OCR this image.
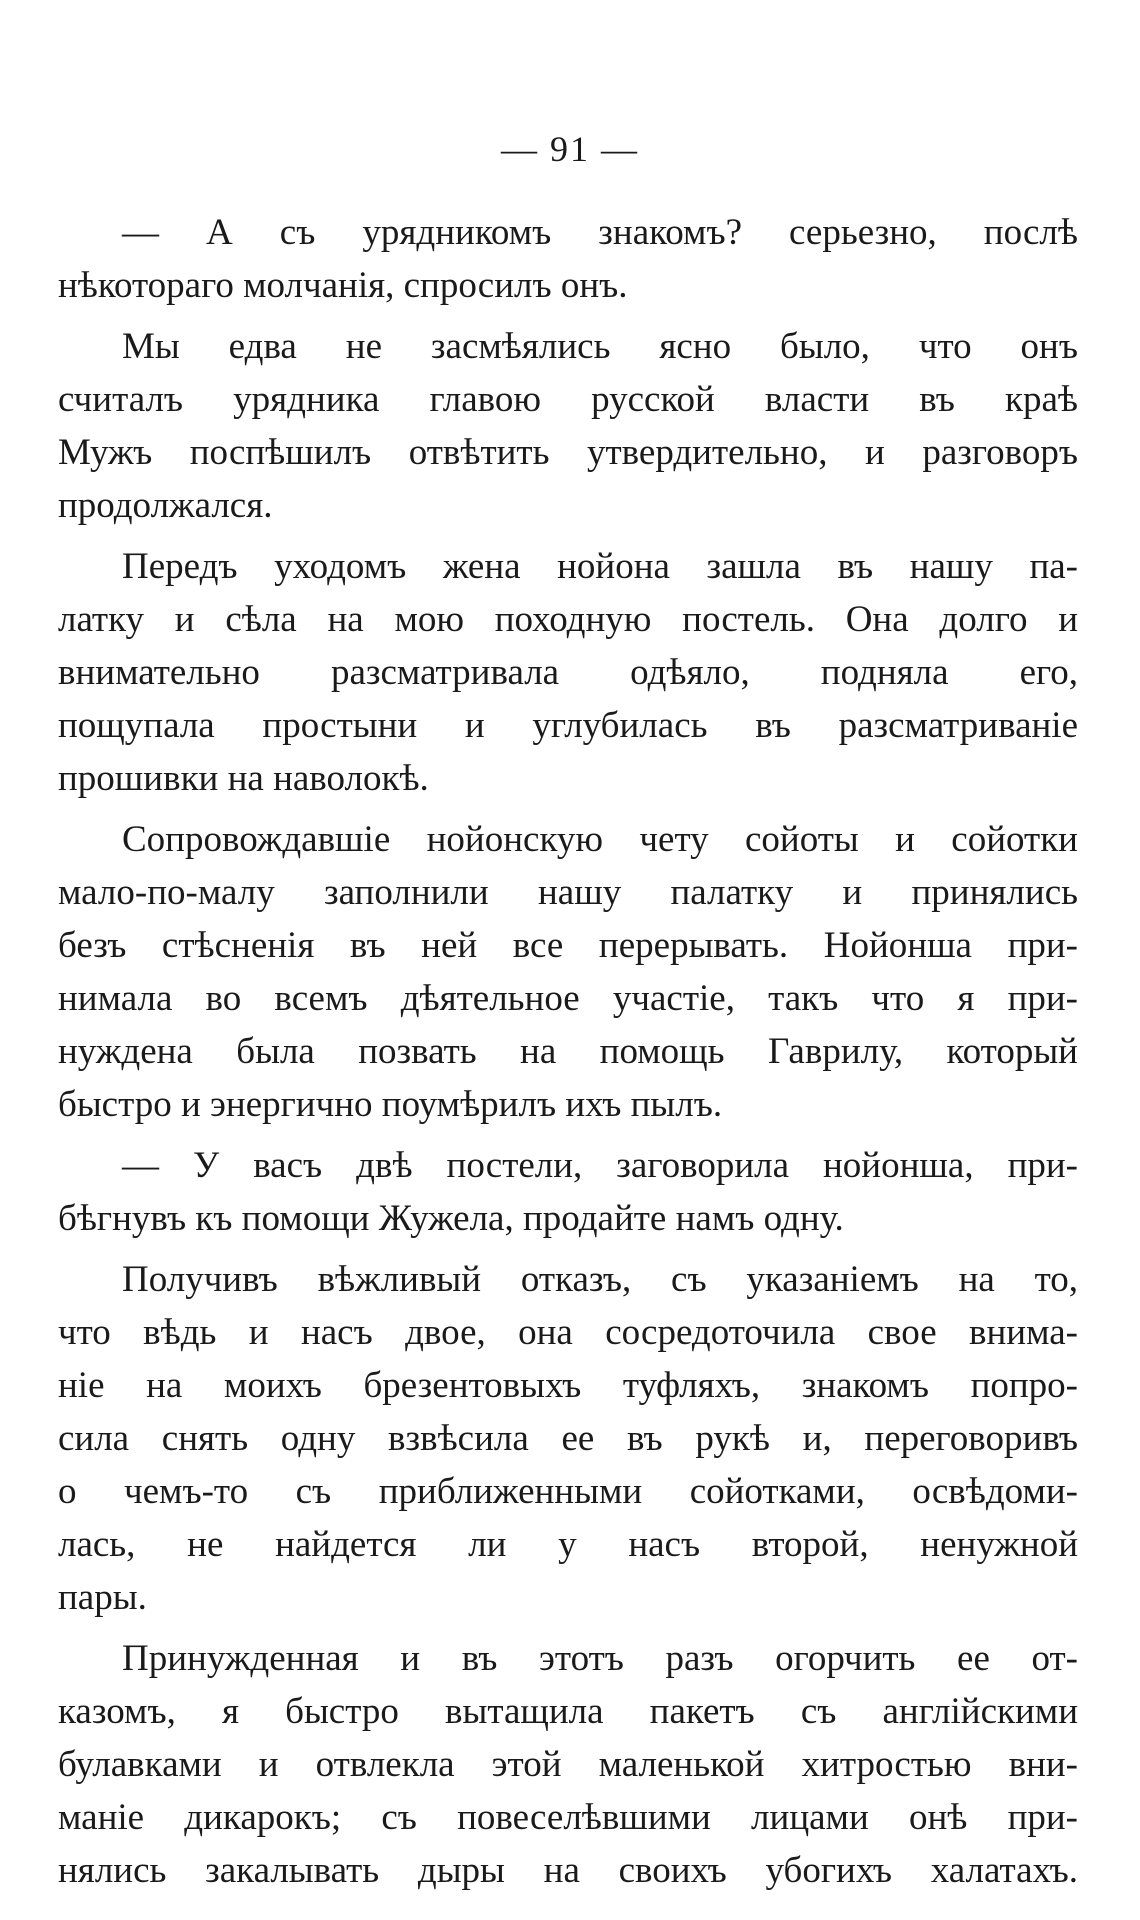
— 91 —
— А съ урядникомъ знакомъ? серьезно, послѣ
нѣкотораго молчанія, спросилъ онъ.
Мы едва не засмѣялись ясно было, что онъ
считалъ урядника главою русской власти въ краѣ
Мужъ поспѣшилъ отвѣтить утвердительно, и разговоръ
продолжался.
Передъ уходомъ жена нойона зашла въ нашу па-
латку и сѣла на мою походную постель. Она долго и
внимательно разсматривала одѣяло, подняла его,
пощупала простыни и углубилась въ разсматриваніе
прошивки на наволокѣ.
Сопровождавшіе нойонскую чету сойоты и сойотки
мало-по-малу заполнили нашу палатку и принялись
безъ стѣсненія въ ней все перерывать. Нойонша при-
нимала во всемъ дѣятельное участіе, такъ что я при-
нуждена была позвать на помощь Гаврилу, который
быстро и энергично поумѣрилъ ихъ пылъ.
— У васъ двѣ постели, заговорила нойонша, при-
бѣгнувъ къ помощи Жужела, продайте намъ одну.
Получивъ вѣжливый отказъ, съ указаніемъ на то,
что вѣдь и насъ двое, она сосредоточила свое внима-
ніе на моихъ брезентовыхъ туфляхъ, знакомъ попро-
сила снять одну взвѣсила ее въ рукѣ и, переговоривъ
о чемъ-то съ приближенными сойотками, освѣдоми-
лась, не найдется ли у насъ второй, ненужной
пары.
Принужденная и въ этотъ разъ огорчить ее от-
казомъ, я быстро вытащила пакетъ съ англійскими
булавками и отвлекла этой маленькой хитростью вни-
маніе дикарокъ; съ повеселѣвшими лицами онѣ при-
нялись закалывать дыры на своихъ убогихъ халатахъ.
